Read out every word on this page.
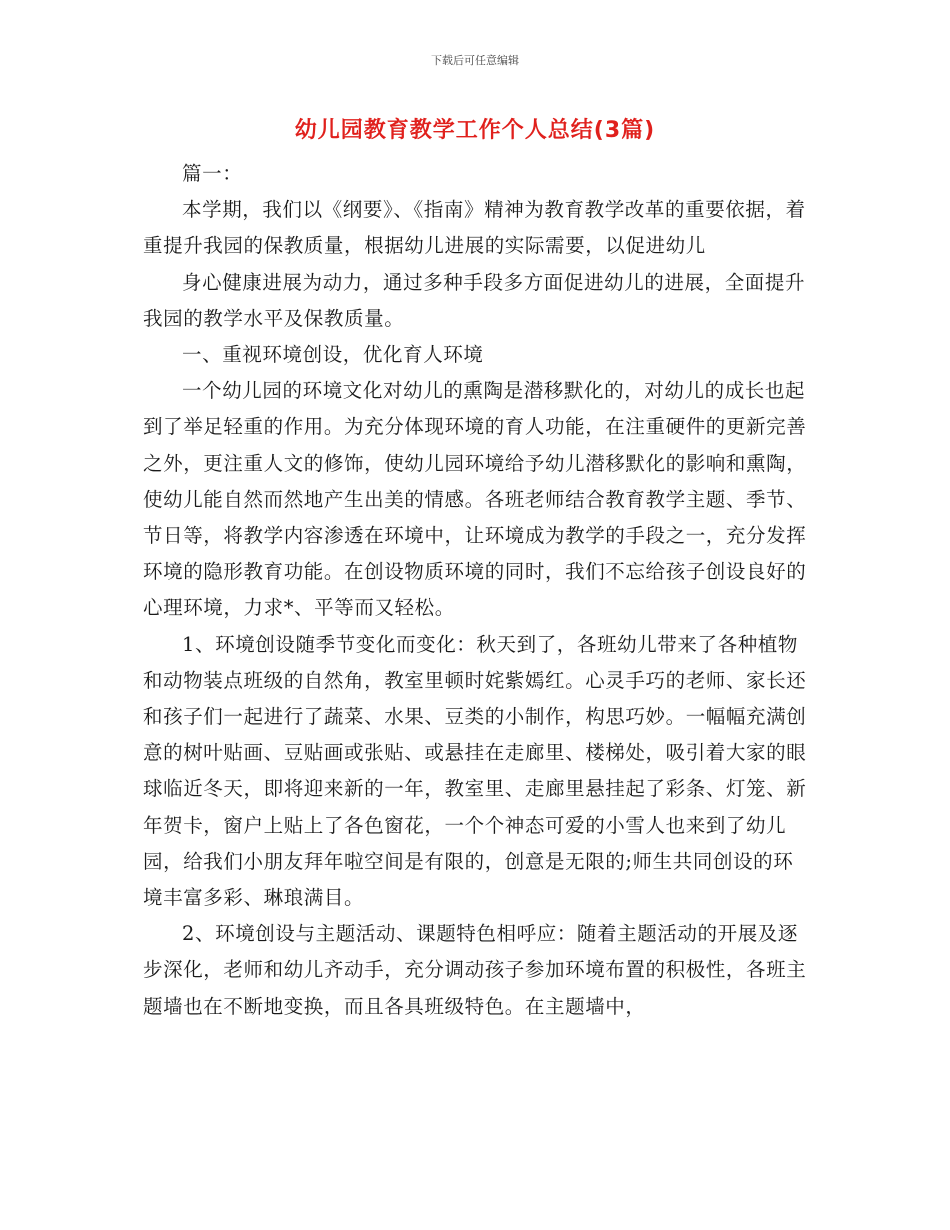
下载后可任意编辑
幼儿园教育教学工作个人总结(3篇)

篇一：

本学期，我们以《纲要》、《指南》精神为教育教学改革的重要依据，着重提升我园的保教质量，根据幼儿进展的实际需要，以促进幼儿

身心健康进展为动力，通过多种手段多方面促进幼儿的进展，全面提升我园的教学水平及保教质量。

一、重视环境创设，优化育人环境

一个幼儿园的环境文化对幼儿的熏陶是潜移默化的，对幼儿的成长也起到了举足轻重的作用。为充分体现环境的育人功能，在注重硬件的更新完善之外，更注重人文的修饰，使幼儿园环境给予幼儿潜移默化的影响和熏陶，使幼儿能自然而然地产生出美的情感。各班老师结合教育教学主题、季节、节日等，将教学内容渗透在环境中，让环境成为教学的手段之一，充分发挥环境的隐形教育功能。在创设物质环境的同时，我们不忘给孩子创设良好的心理环境，力求*、平等而又轻松。

1、环境创设随季节变化而变化：秋天到了，各班幼儿带来了各种植物和动物装点班级的自然角，教室里顿时姹紫嫣红。心灵手巧的老师、家长还和孩子们一起进行了蔬菜、水果、豆类的小制作，构思巧妙。一幅幅充满创意的树叶贴画、豆贴画或张贴、或悬挂在走廊里、楼梯处，吸引着大家的眼球临近冬天，即将迎来新的一年，教室里、走廊里悬挂起了彩条、灯笼、新年贺卡，窗户上贴上了各色窗花，一个个神态可爱的小雪人也来到了幼儿园，给我们小朋友拜年啦空间是有限的，创意是无限的;师生共同创设的环境丰富多彩、琳琅满目。

2、环境创设与主题活动、课题特色相呼应：随着主题活动的开展及逐步深化，老师和幼儿齐动手，充分调动孩子参加环境布置的积极性，各班主题墙也在不断地变换，而且各具班级特色。在主题墙中，
